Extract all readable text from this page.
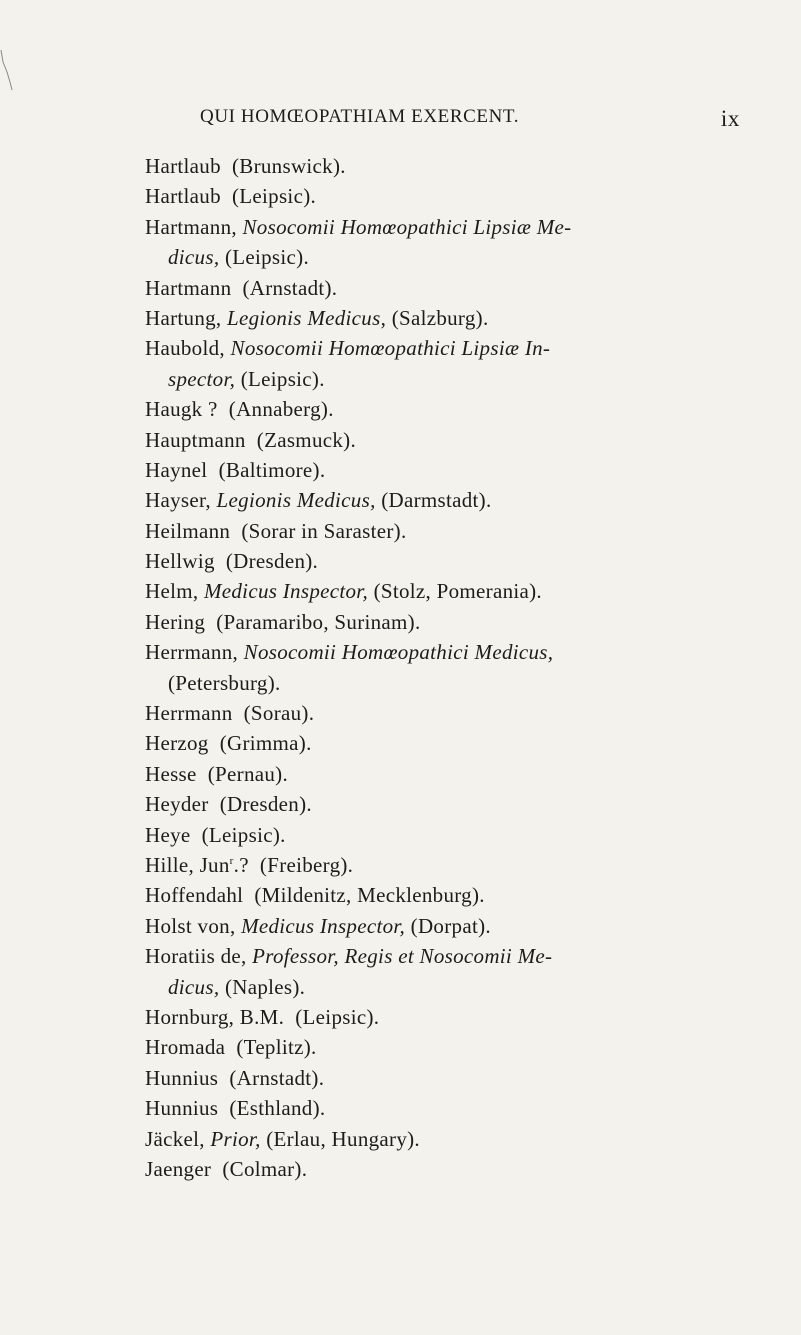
QUI HOMŒOPATHIAM EXERCENT.	ix
Hartlaub (Brunswick).
Hartlaub (Leipsic).
Hartmann, Nosocomii Homœopathici Lipsiæ Me-
dicus, (Leipsic).
Hartmann (Arnstadt).
Hartung, Legionis Medicus, (Salzburg).
Haubold, Nosocomii Homœopathici Lipsiæ In-
spector, (Leipsic).
Haugk ? (Annaberg).
Hauptmann (Zasmuck).
Haynel (Baltimore).
Hayser, Legionis Medicus, (Darmstadt).
Heilmann (Sorar in Saraster).
Hellwig (Dresden).
Helm, Medicus Inspector, (Stolz, Pomerania).
Hering (Paramaribo, Surinam).
Herrmann, Nosocomii Homœopathici Medicus,
(Petersburg).
Herrmann (Sorau).
Herzog (Grimma).
Hesse (Pernau).
Heyder (Dresden).
Heye (Leipsic).
Hille, Jun$^r$.? (Freiberg).
Hoffendahl (Mildenitz, Mecklenburg).
Holst von, Medicus Inspector, (Dorpat).
Horatiis de, Professor, Regis et Nosocomii Me-
dicus, (Naples).
Hornburg, B.M. (Leipsic).
Hromada (Teplitz).
Hunnius (Arnstadt).
Hunnius (Esthland).
Jäckel, Prior, (Erlau, Hungary).
Jaenger (Colmar).
